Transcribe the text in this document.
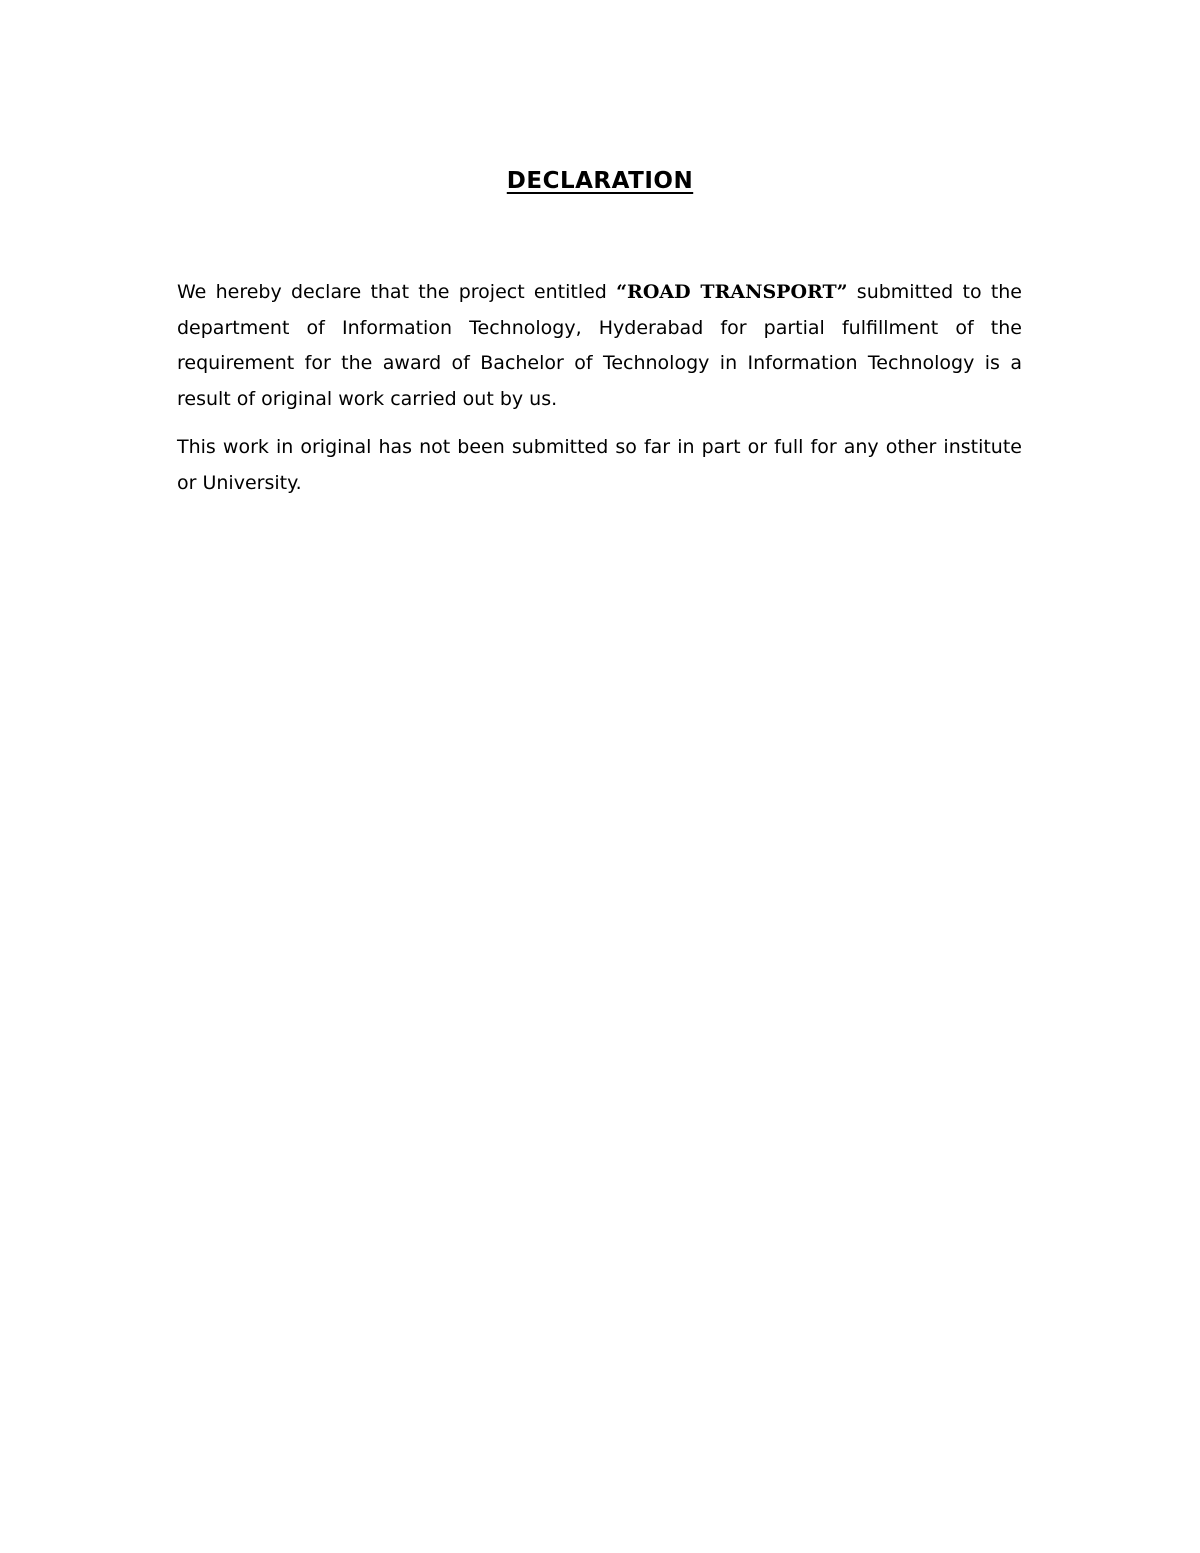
DECLARATION

We hereby declare that the project entitled “ROAD TRANSPORT” submitted to the department of Information Technology, Hyderabad for partial fulfillment of the requirement for the award of Bachelor of Technology in Information Technology is a result of original work carried out by us.

This work in original has not been submitted so far in part or full for any other institute or University.
